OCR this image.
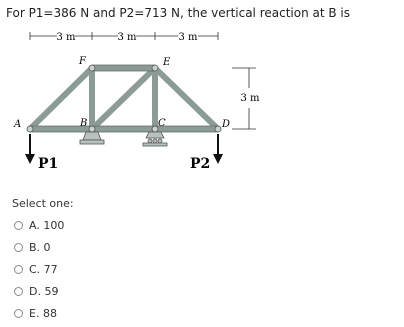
For P1=386 N and P2=713 N, the vertical reaction at B is
3 m	3 m	3 m
3 m
A	B	C	D
E
F
P1	P2
Select one:
A. 100
B. 0
C. 77
D. 59
E. 88
